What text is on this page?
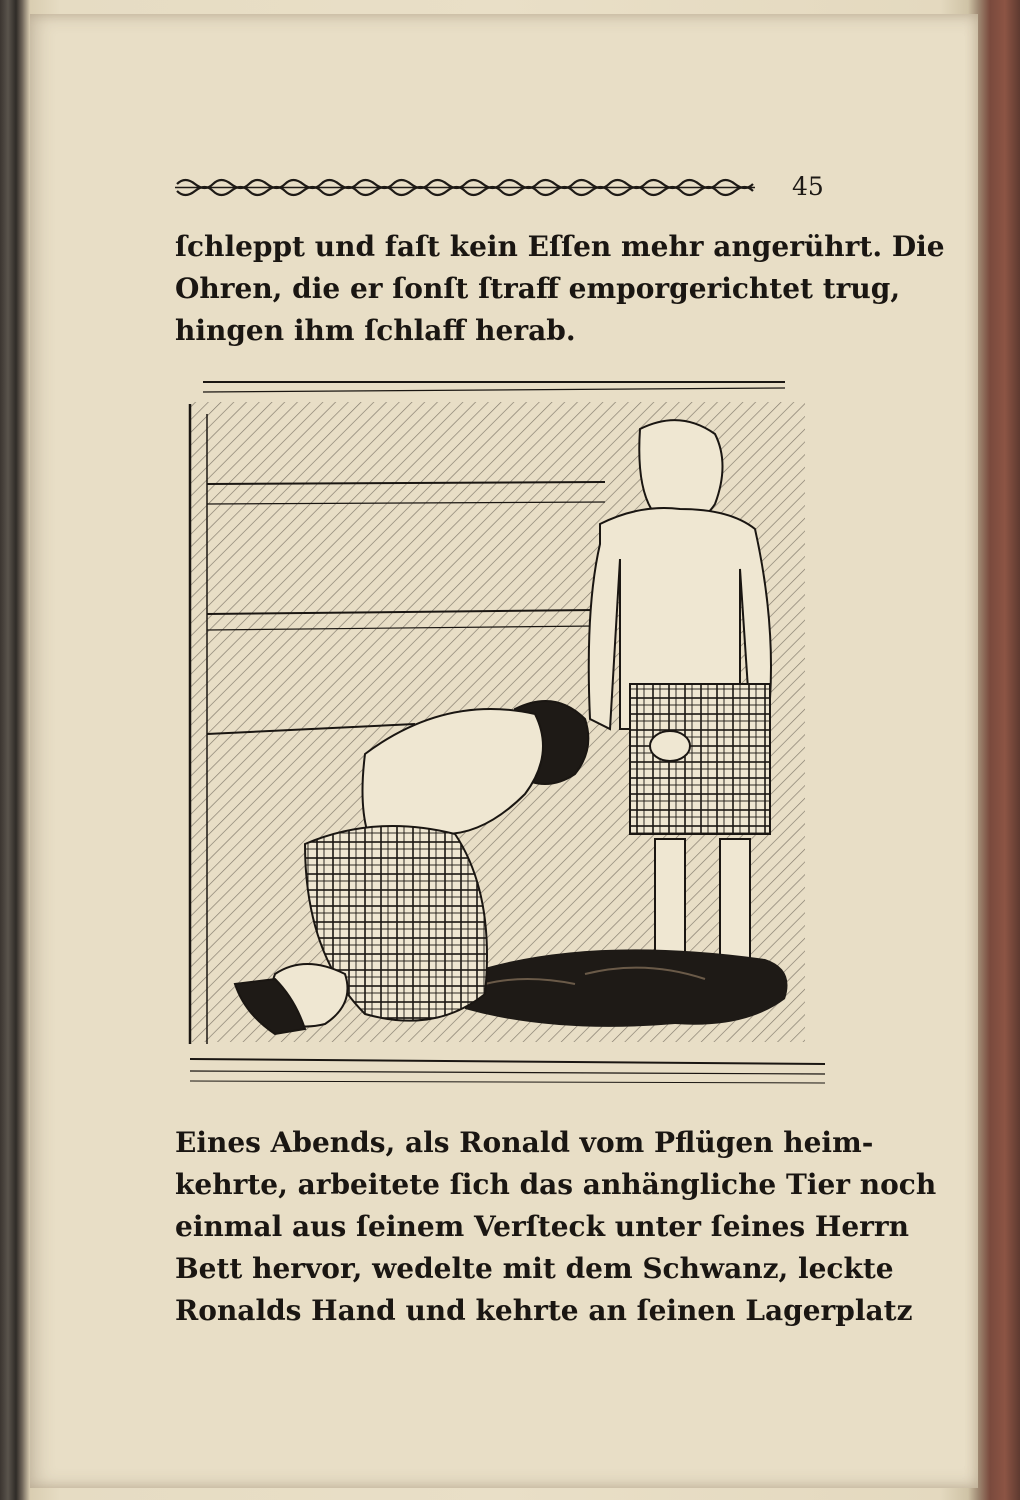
45
ſchleppt und faſt kein Eſſen mehr angerührt. Die
Ohren, die er ſonſt ſtraff emporgerichtet trug,
hingen ihm ſchlaff herab.
Eines Abends, als Ronald vom Pflügen heim-
kehrte, arbeitete ſich das anhängliche Tier noch
einmal aus ſeinem Verſteck unter ſeines Herrn
Bett hervor, wedelte mit dem Schwanz, leckte
Ronalds Hand und kehrte an ſeinen Lagerplatz
